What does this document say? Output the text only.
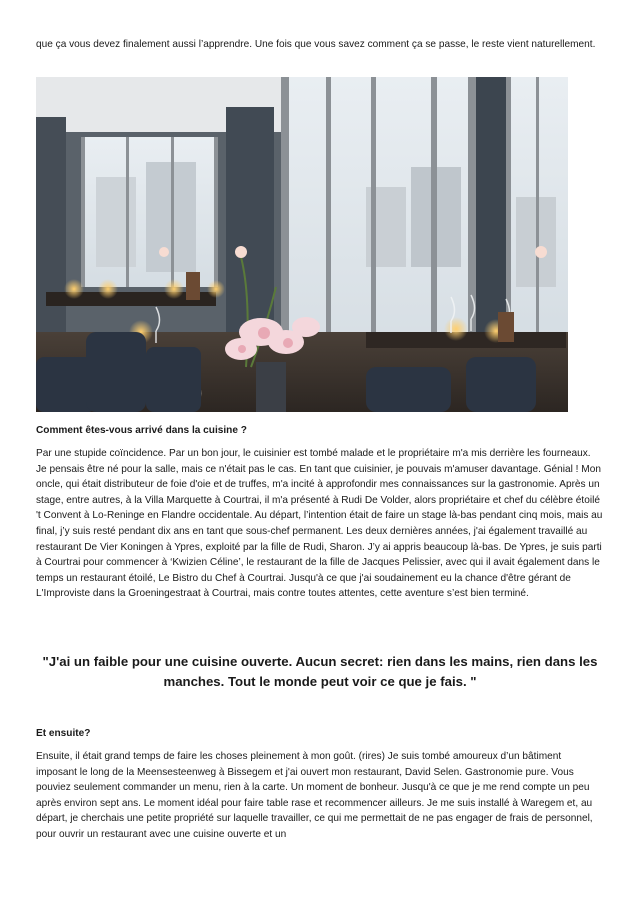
que ça vous devez finalement aussi l’apprendre. Une fois que vous savez comment ça se passe, le reste vient naturellement.

Comment êtes-vous arrivé dans la cuisine ?

Par une stupide coïncidence. Par un bon jour, le cuisinier est tombé malade et le propriétaire m'a mis derrière les fourneaux. Je pensais être né pour la salle, mais ce n'était pas le cas. En tant que cuisinier, je pouvais m'amuser davantage. Génial ! Mon oncle, qui était distributeur de foie d'oie et de truffes, m'a incité à approfondir mes connaissances sur la gastronomie. Après un stage, entre autres, à la Villa Marquette à Courtrai, il m'a présenté à Rudi De Volder, alors propriétaire et chef du célèbre étoilé 't Convent à Lo-Reninge en Flandre occidentale. Au départ, l’intention était de faire un stage là-bas pendant cinq mois, mais au final, j’y suis resté pendant dix ans en tant que sous-chef permanent. Les deux dernières années, j'ai également travaillé au restaurant De Vier Koningen à Ypres, exploité par la fille de Rudi, Sharon. J’y ai appris beaucoup là-bas. De Ypres, je suis parti à Courtrai pour commencer à ‘Kwizien Céline’, le restaurant de la fille de Jacques Pelissier, avec qui il avait également dans le temps un restaurant étoilé, Le Bistro du Chef à Courtrai. Jusqu'à ce que j'ai soudainement eu la chance d'être gérant de L'Improviste dans la Groeningestraat à Courtrai, mais contre toutes attentes, cette aventure s’est bien terminé.

"J'ai un faible pour une cuisine ouverte. Aucun secret: rien dans les mains, rien dans les manches. Tout le monde peut voir ce que je fais. "

Et ensuite?

Ensuite, il était grand temps de faire les choses pleinement à mon goût. (rires) Je suis tombé amoureux d’un bâtiment imposant le long de la Meensesteenweg à Bissegem et j'ai ouvert mon restaurant, David Selen. Gastronomie pure. Vous pouviez seulement commander un menu, rien à la carte. Un moment de bonheur. Jusqu'à ce que je me rend compte un peu après environ sept ans. Le moment idéal pour faire table rase et recommencer ailleurs. Je me suis installé à Waregem et, au départ, je cherchais une petite propriété sur laquelle travailler, ce qui me permettait de ne pas engager de frais de personnel, pour ouvrir un restaurant avec une cuisine ouverte et un
